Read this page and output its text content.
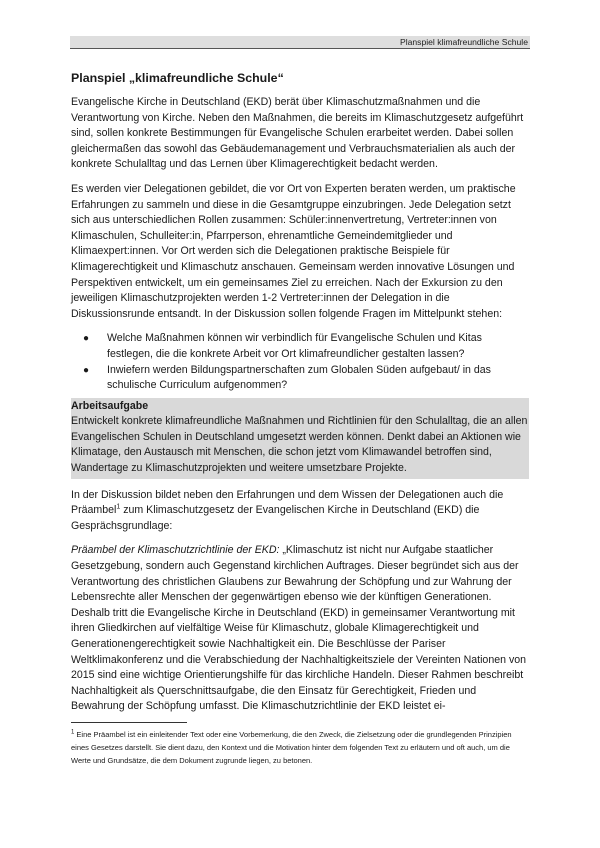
Planspiel klimafreundliche Schule
Planspiel „klimafreundliche Schule“

Evangelische Kirche in Deutschland (EKD) berät über Klimaschutzmaßnahmen und die Verantwortung von Kirche. Neben den Maßnahmen, die bereits im Klimaschutzgesetz aufgeführt sind, sollen konkrete Bestimmungen für Evangelische Schulen erarbeitet werden. Dabei sollen gleichermaßen das sowohl das Gebäudemanagement und Verbrauchsmaterialien als auch der konkrete Schulalltag und das Lernen über Klimagerechtigkeit bedacht werden.

Es werden vier Delegationen gebildet, die vor Ort von Experten beraten werden, um praktische Erfahrungen zu sammeln und diese in die Gesamtgruppe einzubringen. Jede Delegation setzt sich aus unterschiedlichen Rollen zusammen: Schüler:innenvertretung, Vertreter:innen von Klimaschulen, Schulleiter:in, Pfarrperson, ehrenamtliche Gemeindemitglieder und Klimaexpert:innen. Vor Ort werden sich die Delegationen praktische Beispiele für Klimagerechtigkeit und Klimaschutz anschauen. Gemeinsam werden innovative Lösungen und Perspektiven entwickelt, um ein gemeinsames Ziel zu erreichen. Nach der Exkursion zu den jeweiligen Klimaschutzprojekten werden 1-2 Vertreter:innen der Delegation in die Diskussionsrunde entsandt. In der Diskussion sollen folgende Fragen im Mittelpunkt stehen:

● Welche Maßnahmen können wir verbindlich für Evangelische Schulen und Kitas festlegen, die die konkrete Arbeit vor Ort klimafreundlicher gestalten lassen?
● Inwiefern werden Bildungspartnerschaften zum Globalen Süden aufgebaut/ in das schulische Curriculum aufgenommen?
Arbeitsaufgabe

Entwickelt konkrete klimafreundliche Maßnahmen und Richtlinien für den Schulalltag, die an allen Evangelischen Schulen in Deutschland umgesetzt werden können. Denkt dabei an Aktionen wie Klimatage, den Austausch mit Menschen, die schon jetzt vom Klimawandel betroffen sind, Wandertage zu Klimaschutzprojekten und weitere umsetzbare Projekte.

In der Diskussion bildet neben den Erfahrungen und dem Wissen der Delegationen auch die Präambel$^1$ zum Klimaschutzgesetz der Evangelischen Kirche in Deutschland (EKD) die Gesprächsgrundlage:

Präambel der Klimaschutzrichtlinie der EKD: „Klimaschutz ist nicht nur Aufgabe staatlicher Gesetzgebung, sondern auch Gegenstand kirchlichen Auftrages. Dieser begründet sich aus der Verantwortung des christlichen Glaubens zur Bewahrung der Schöpfung und zur Wahrung der Lebensrechte aller Menschen der gegenwärtigen ebenso wie der künftigen Generationen. Deshalb tritt die Evangelische Kirche in Deutschland (EKD) in gemeinsamer Verantwortung mit ihren Gliedkirchen auf vielfältige Weise für Klimaschutz, globale Klimagerechtigkeit und Generationengerechtigkeit sowie Nachhaltigkeit ein. Die Beschlüsse der Pariser Weltklimakonferenz und die Verabschiedung der Nachhaltigkeitsziele der Vereinten Nationen von 2015 sind eine wichtige Orientierungshilfe für das kirchliche Handeln. Dieser Rahmen beschreibt Nachhaltigkeit als Querschnittsaufgabe, die den Einsatz für Gerechtigkeit, Frieden und Bewahrung der Schöpfung umfasst. Die Klimaschutzrichtlinie der EKD leistet ei-

$^1$ Eine Präambel ist ein einleitender Text oder eine Vorbemerkung, die den Zweck, die Zielsetzung oder die grundlegenden Prinzipien eines Gesetzes darstellt. Sie dient dazu, den Kontext und die Motivation hinter dem folgenden Text zu erläutern und oft auch, um die Werte und Grundsätze, die dem Dokument zugrunde liegen, zu betonen.
